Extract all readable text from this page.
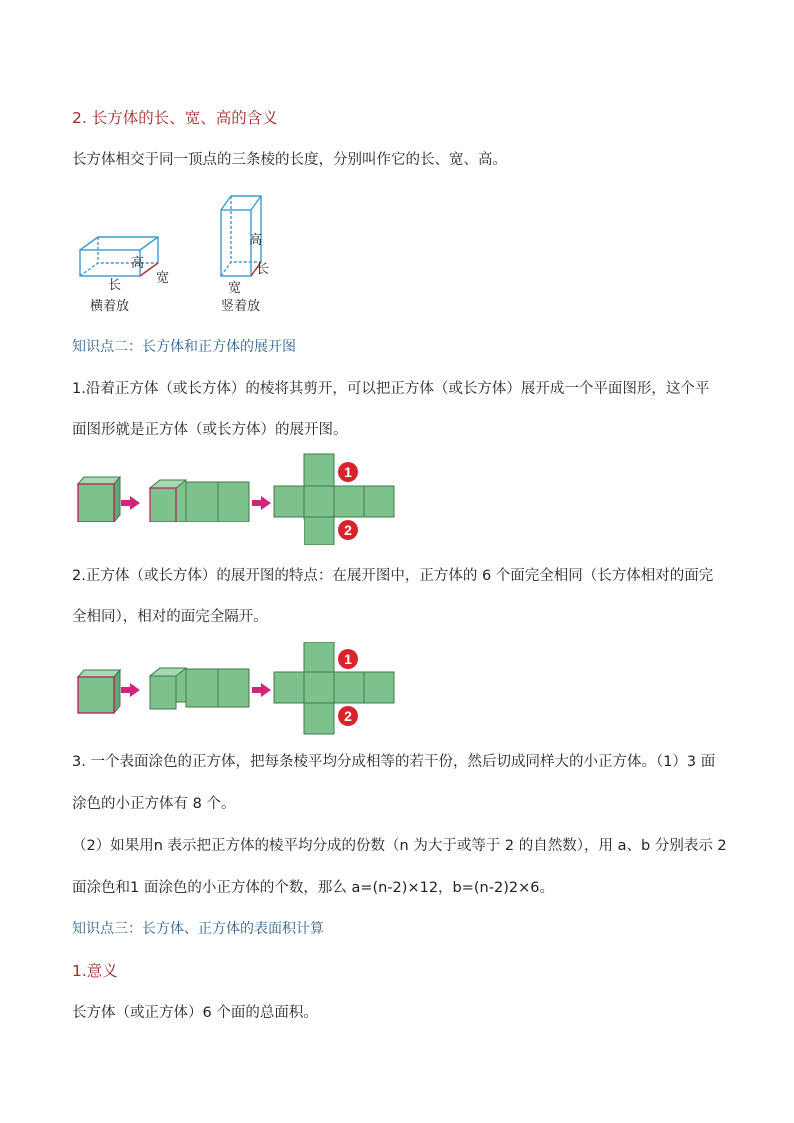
2. 长方体的长、宽、高的含义
长方体相交于同一顶点的三条棱的长度，分别叫作它的长、宽、高。
高
长	宽
横着放
高
长
宽
竖着放
知识点二：长方体和正方体的展开图
1.沿着正方体（或长方体）的棱将其剪开，可以把正方体（或长方体）展开成一个平面图形，这个平
面图形就是正方体（或长方体）的展开图。
1
2
2.正方体（或长方体）的展开图的特点：在展开图中，正方体的 6 个面完全相同（长方体相对的面完
全相同），相对的面完全隔开。
1
2
3. 一个表面涂色的正方体，把每条棱平均分成相等的若干份，然后切成同样大的小正方体。（1）3 面
涂色的小正方体有 8 个。
（2）如果用n 表示把正方体的棱平均分成的份数（n 为大于或等于 2 的自然数），用 a、b 分别表示 2
面涂色和1 面涂色的小正方体的个数，那么 a=(n-2)×12，b=(n-2)2×6。
知识点三：长方体、正方体的表面积计算
1.意义
长方体（或正方体）6 个面的总面积。
